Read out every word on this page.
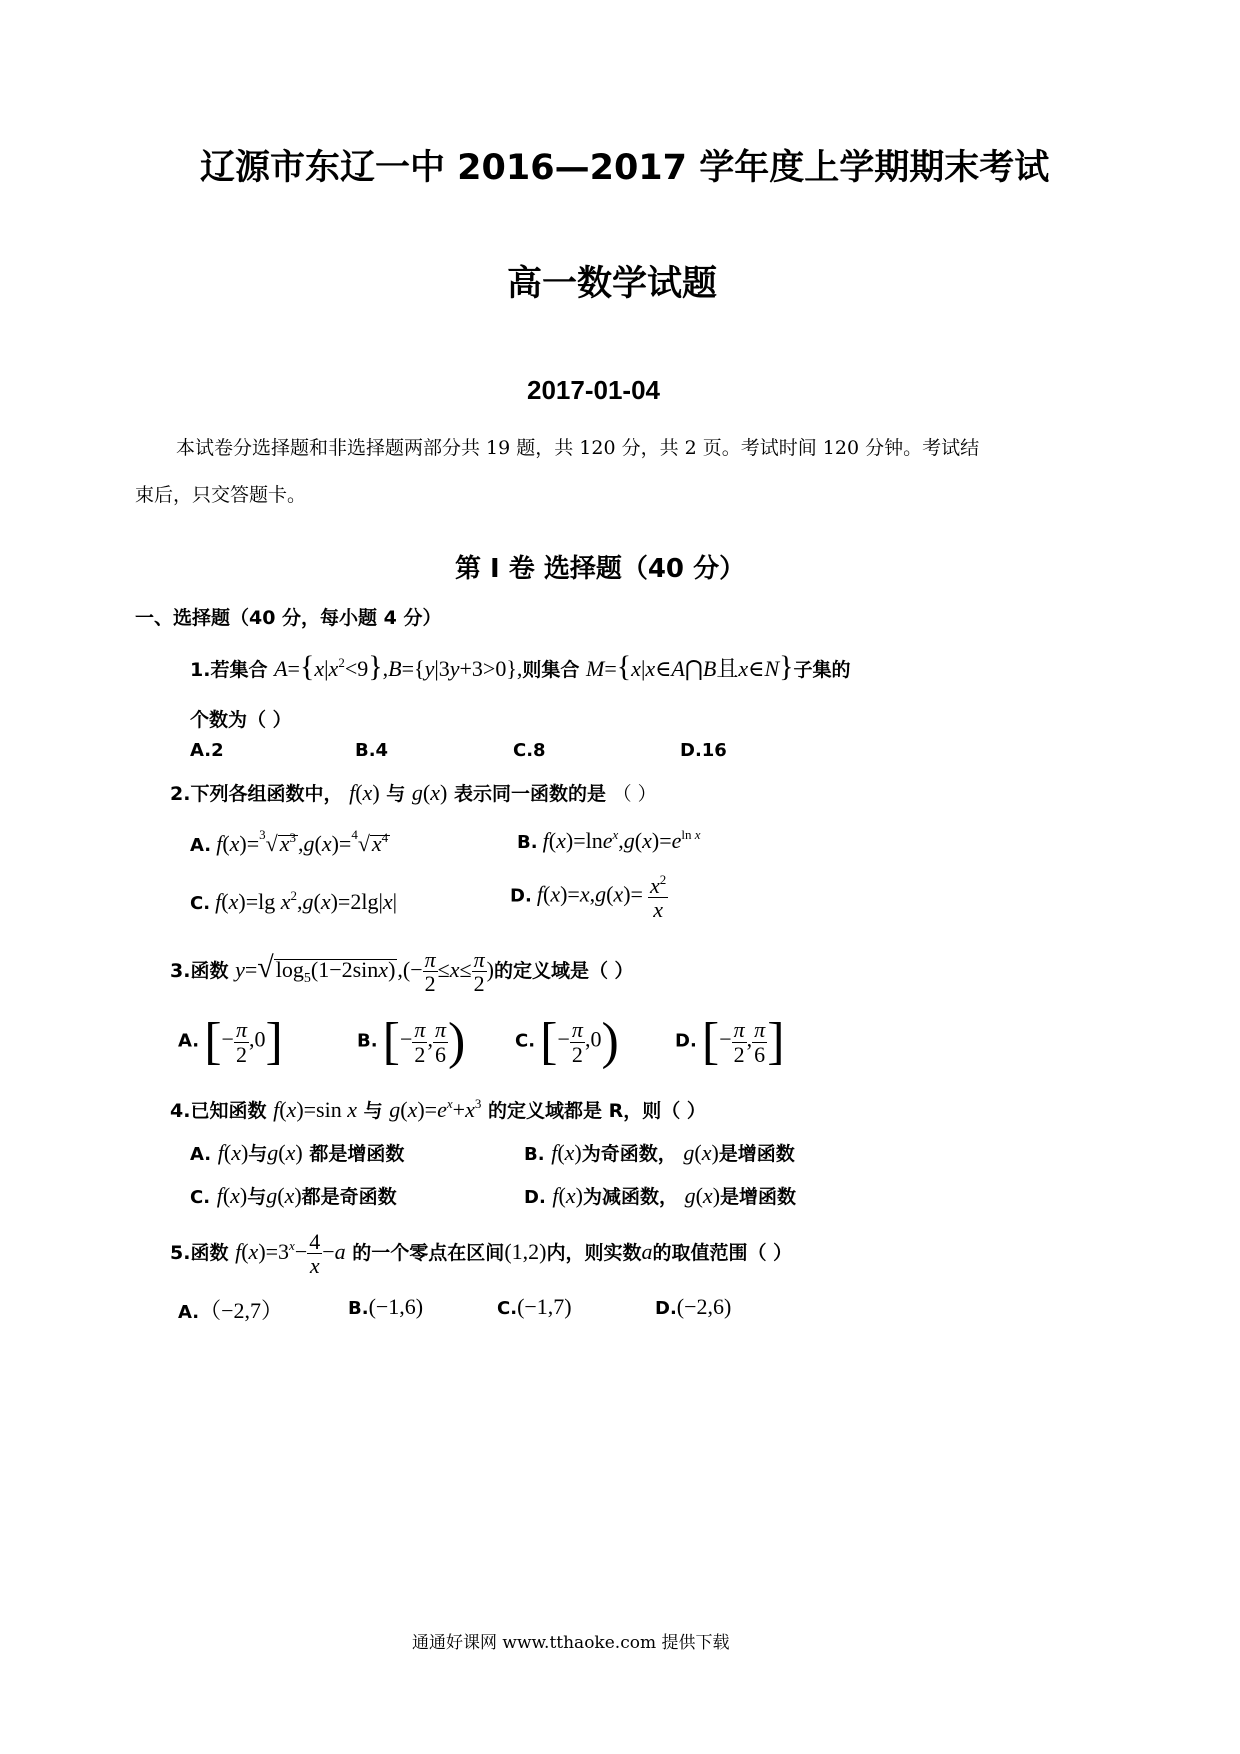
辽源市东辽一中 2016—2017 学年度上学期期末考试
高一数学试题
2017-01-04
本试卷分选择题和非选择题两部分共 19 题，共 120 分，共 2 页。考试时间 120 分钟。考试结
束后，只交答题卡。
第 Ⅰ 卷 选择题（40 分）
一、选择题（40 分，每小题 4 分）
1.若集合 $A=\{x|x^2<9\},B=\{y|3y+3>0\}$,则集合 M={x|x∈A⋂B且x∈N}子集的
个数为（ ）
A.2	B.4	C.8	D.16
2.下列各组函数中， f(x) 与 g(x) 表示同一函数的是 （ ）
A. $f(x)=^3√x^3,g(x)=^4√x^4$	B. $f(x)=\ln e^x,g(x)=e^{ln}$ $^x$
C. f(x)=lg $x^2,g(x)=2\lg|x|$	D. $f(x)=x,g(x)= \frac{x^2}{x}$
3.函数 $y=√\log_5(1-2\sin x),(- \frac{\pi}{2} \le x\le \frac{\pi}{2}$ )的定义域是（ ）
A. [− $\frac{\pi}{2} ,0$]	B. [− $\frac{\pi}{2}$ , $\frac{\pi}{6}$ )	C. [− $\frac{\pi}{2} ,0$)	D. [− $\frac{\pi}{2}$ , $\frac{\pi}{6}$ ]
4.已知函数 f(x)=sin x 与 $g(x)=e^x+x^3$ 的定义域都是 R，则（ ）
A. f(x)与g(x) 都是增函数	B. f(x)为奇函数， g(x)是增函数
C. f(x)与g(x)都是奇函数	D. f(x)为减函数， g(x)是增函数
5.函数 $f(x)=3^x- \frac{4}{x} -a$ 的一个零点在区间(1,2)内，则实数a的取值范围（ ）
A.（−2,7）	B.(−1,6)	C.(−1,7)	D.(−2,6)
通通好课网 www.tthaoke.com 提供下载
